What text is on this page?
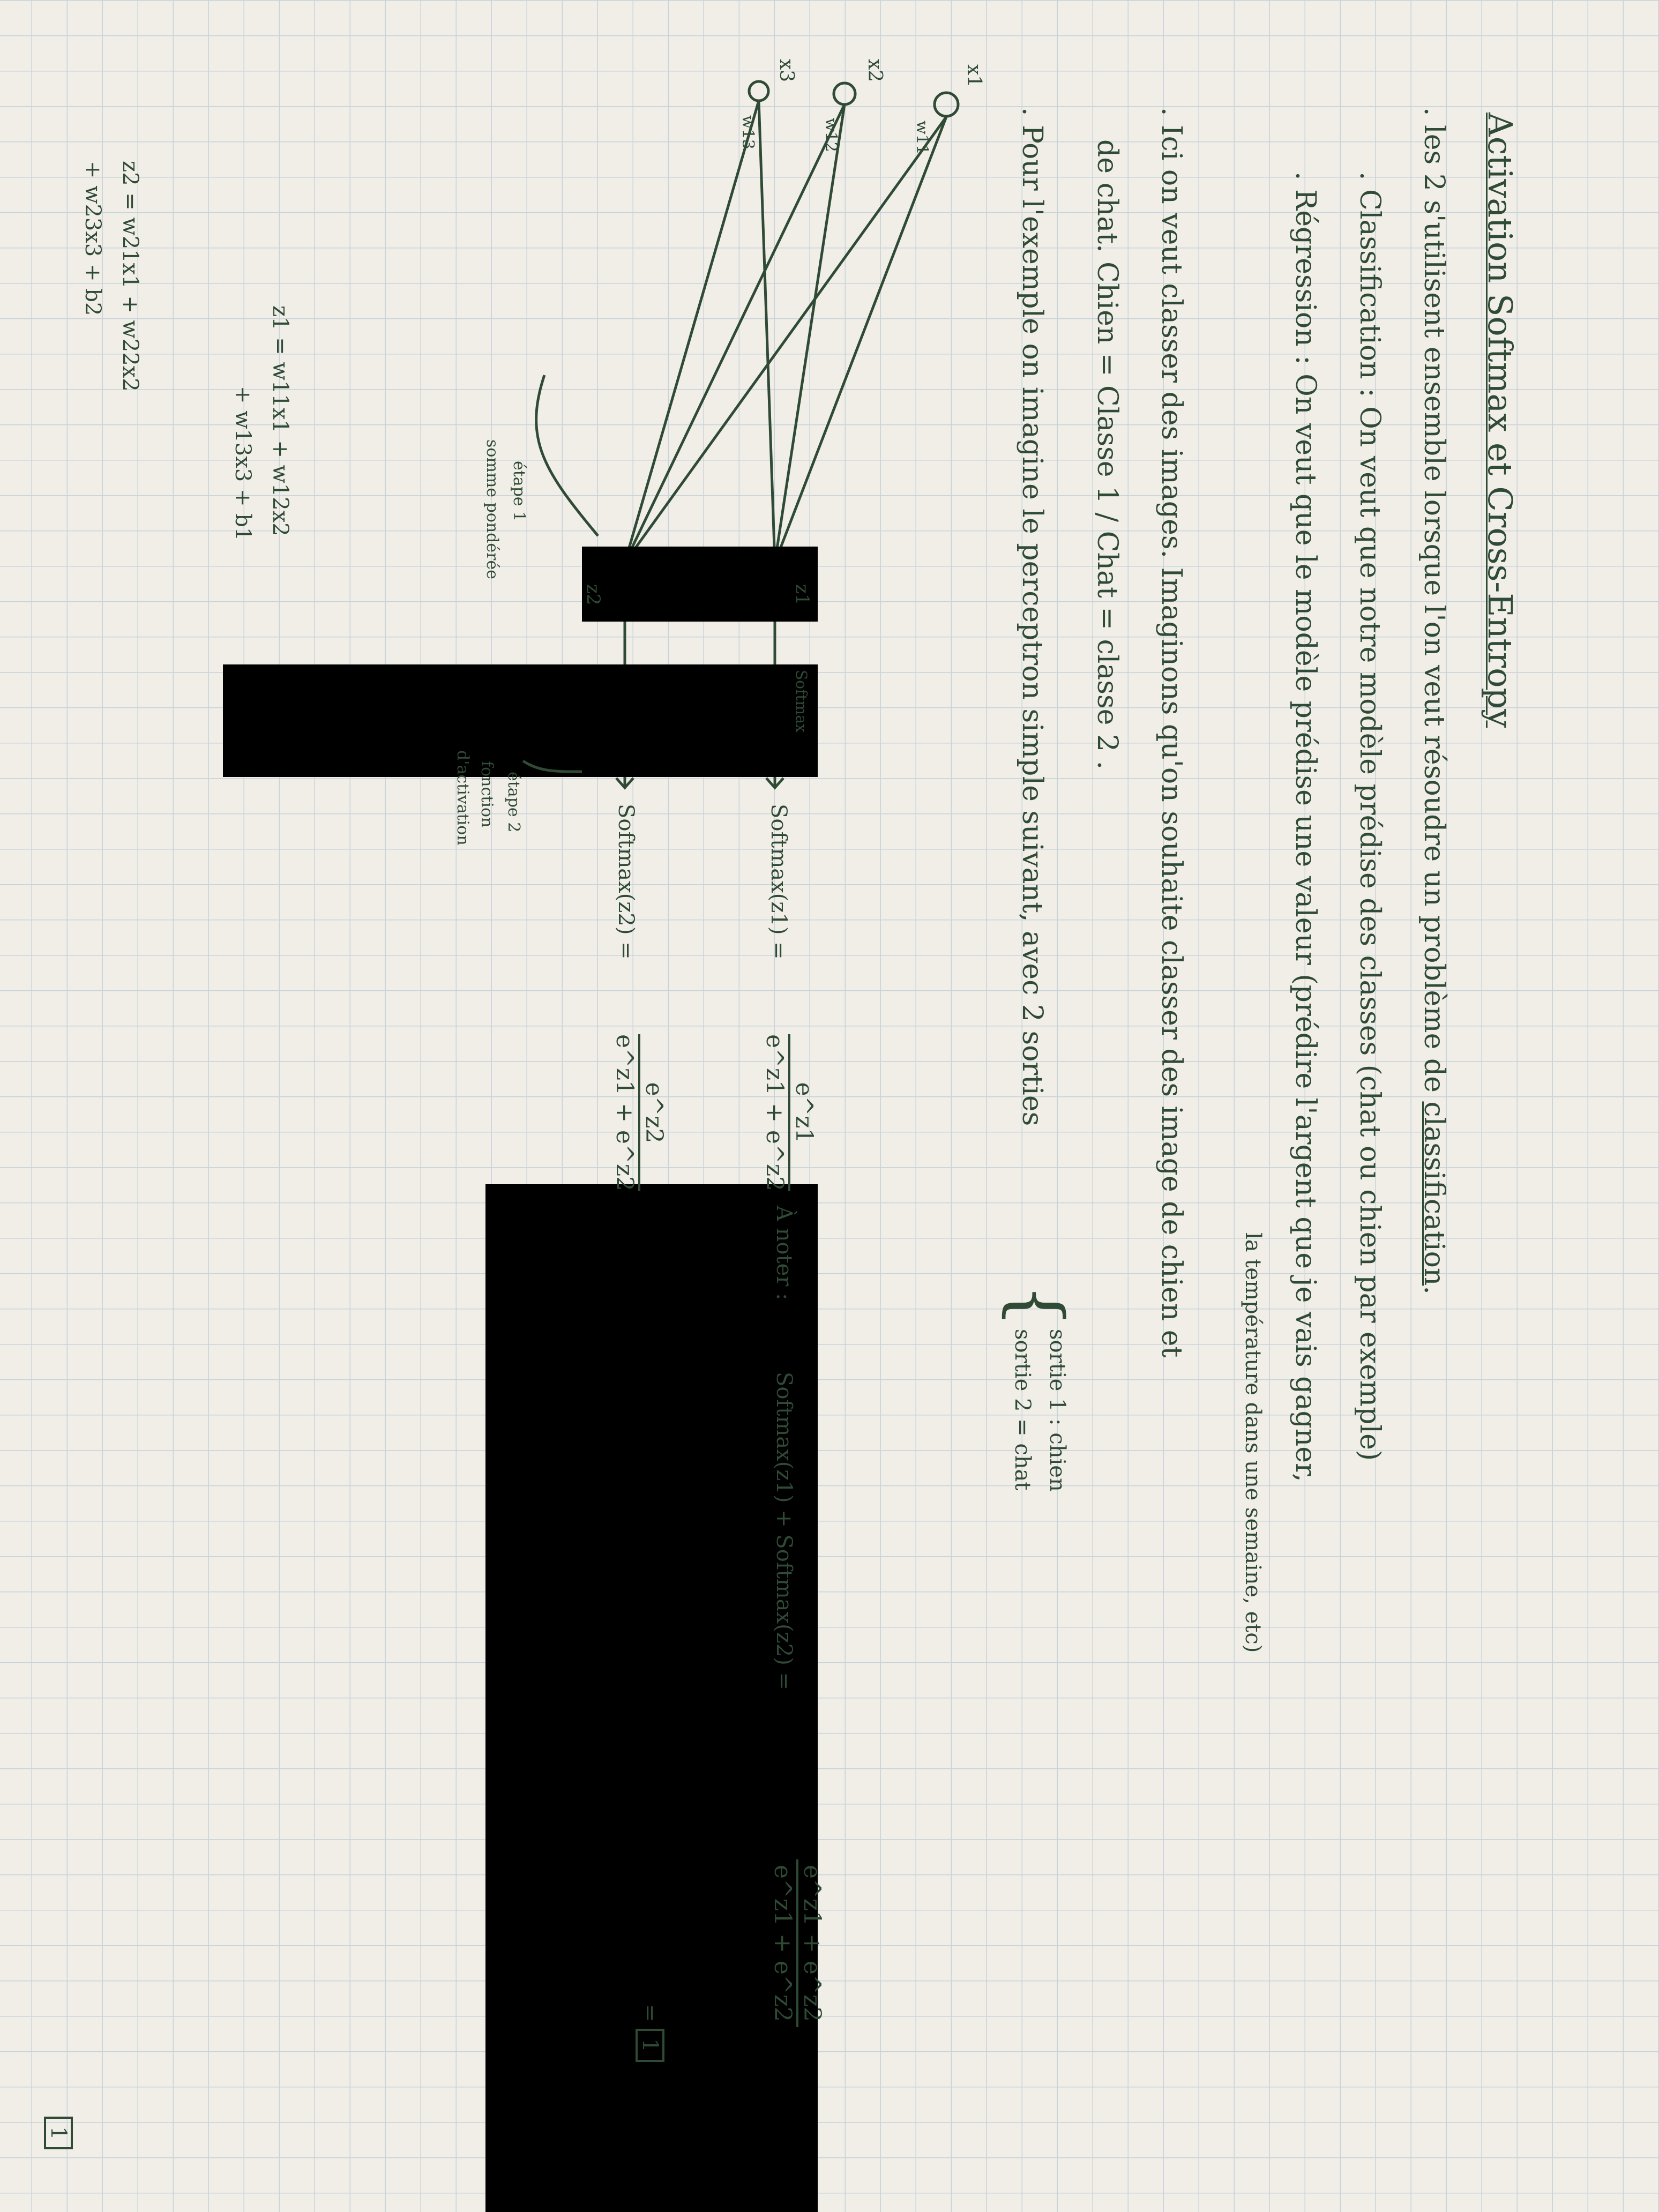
Activation Softmax et Cross-Entropy
. les 2 s'utilisent ensemble lorsque l'on veut résoudre un problème de classification.
. Classification : On veut que notre modèle prédise des classes (chat ou chien par exemple)
. Régression : On veut que le modèle prédise une valeur (prédire l'argent que je vais gagner,
la température dans une semaine, etc)
. Ici on veut classer des images. Imaginons qu'on souhaite classer des image de chien et
de chat. Chien = Classe 1 / Chat = classe 2 .
. Pour l'exemple on imagine le perceptron simple suivant, avec 2 sorties
{
sortie 1 : chien
sortie 2 = chat
w11
w12
w13
x1
x2
x3
z1
z2
Softmax
étape 1
somme pondérée
étape 2
fonction
d'activation
z1 = w11x1 + w12x2
+ w13x3 + b1
z2 = w21x1 + w22x2
+ w23x3 + b2
Softmax(z1) =
e^z1
e^z1 + e^z2
Softmax(z2) =
e^z2
e^z1 + e^z2
À noter :
Softmax(z1) + Softmax(z2) =
e^z1 + e^z2
e^z1 + e^z2
= 1
1
